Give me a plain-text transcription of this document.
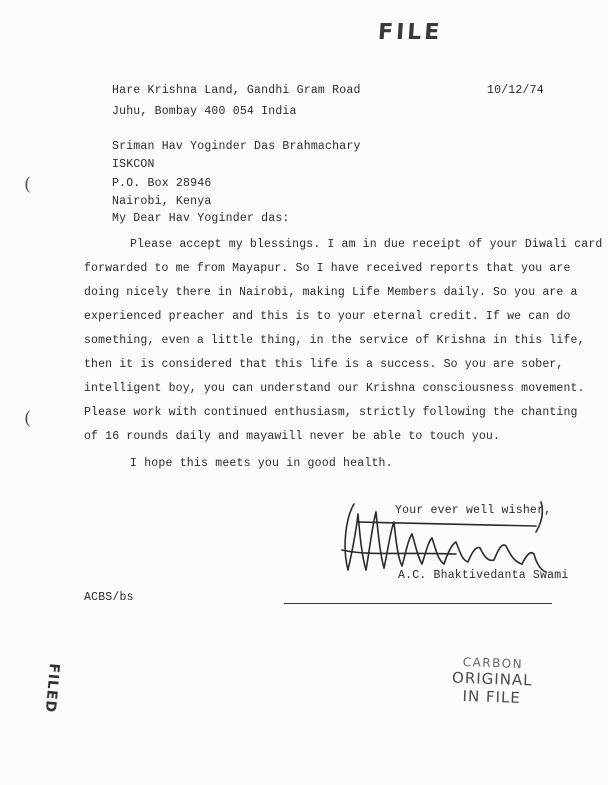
FILE
Hare Krishna Land, Gandhi Gram Road
Juhu, Bombay 400 054 India
10/12/74
Sriman Hav Yoginder Das Brahmachary
ISKCON
P.O. Box 28946
Nairobi, Kenya
My Dear Hav Yoginder das:
(
(
Please accept my blessings. I am in due receipt of your Diwali card
forwarded to me from Mayapur. So I have received reports that you are
doing nicely there in Nairobi, making Life Members daily. So you are a
experienced preacher and this is to your eternal credit. If we can do
something, even a little thing, in the service of Krishna in this life,
then it is considered that this life is a success. So you are sober,
intelligent boy, you can understand our Krishna consciousness movement.
Please work with continued enthusiasm, strictly following the chanting
of 16 rounds daily and mayawill never be able to touch you.
I hope this meets you in good health.
Your ever well wisher,
A.C. Bhaktivedanta Swami
ACBS/bs
FILED	CARBON
ORIGINAL
IN FILE
